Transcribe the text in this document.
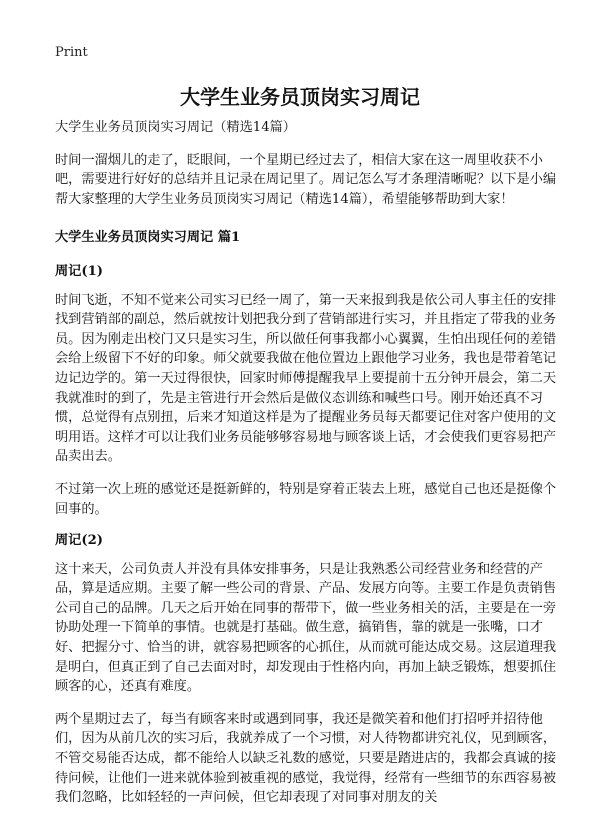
Print
大学生业务员顶岗实习周记

大学生业务员顶岗实习周记（精选14篇）

时间一溜烟儿的走了，眨眼间，一个星期已经过去了，相信大家在这一周里收获不小吧，需要进行好好的总结并且记录在周记里了。周记怎么写才条理清晰呢？以下是小编帮大家整理的大学生业务员顶岗实习周记（精选14篇），希望能够帮助到大家！

大学生业务员顶岗实习周记 篇1

周记(1)

时间飞逝，不知不觉来公司实习已经一周了，第一天来报到我是依公司人事主任的安排找到营销部的副总，然后就按计划把我分到了营销部进行实习，并且指定了带我的业务员。因为刚走出校门又只是实习生，所以做任何事我都小心翼翼，生怕出现任何的差错会给上级留下不好的印象。师父就要我做在他位置边上跟他学习业务，我也是带着笔记边记边学的。第一天过得很快，回家时师傅提醒我早上要提前十五分钟开晨会，第二天我就准时的到了，先是主管进行开会然后是做仪态训练和喊些口号。刚开始还真不习惯，总觉得有点别扭，后来才知道这样是为了提醒业务员每天都要记住对客户使用的文明用语。这样才可以让我们业务员能够够容易地与顾客谈上话，才会使我们更容易把产品卖出去。

不过第一次上班的感觉还是挺新鲜的，特别是穿着正装去上班，感觉自己也还是挺像个回事的。

周记(2)

这十来天，公司负责人并没有具体安排事务，只是让我熟悉公司经营业务和经营的产品，算是适应期。主要了解一些公司的背景、产品、发展方向等。主要工作是负责销售公司自己的品牌。几天之后开始在同事的帮带下，做一些业务相关的活，主要是在一旁协助处理一下简单的事情。也就是打基础。做生意，搞销售，靠的就是一张嘴，口才好、把握分寸、恰当的讲，就容易把顾客的心抓住，从而就可能达成交易。这层道理我是明白，但真正到了自己去面对时，却发现由于性格内向，再加上缺乏锻炼，想要抓住顾客的心，还真有难度。

两个星期过去了，每当有顾客来时或遇到同事，我还是微笑着和他们打招呼并招待他们，因为从前几次的实习后，我就养成了一个习惯，对人待物都讲究礼仪，见到顾客，不管交易能否达成，都不能给人以缺乏礼数的感觉，只要是踏进店的，我都会真诚的接待问候，让他们一进来就体验到被重视的感觉，我觉得，经常有一些细节的东西容易被我们忽略，比如轻轻的一声问候，但它却表现了对同事对朋友的关
